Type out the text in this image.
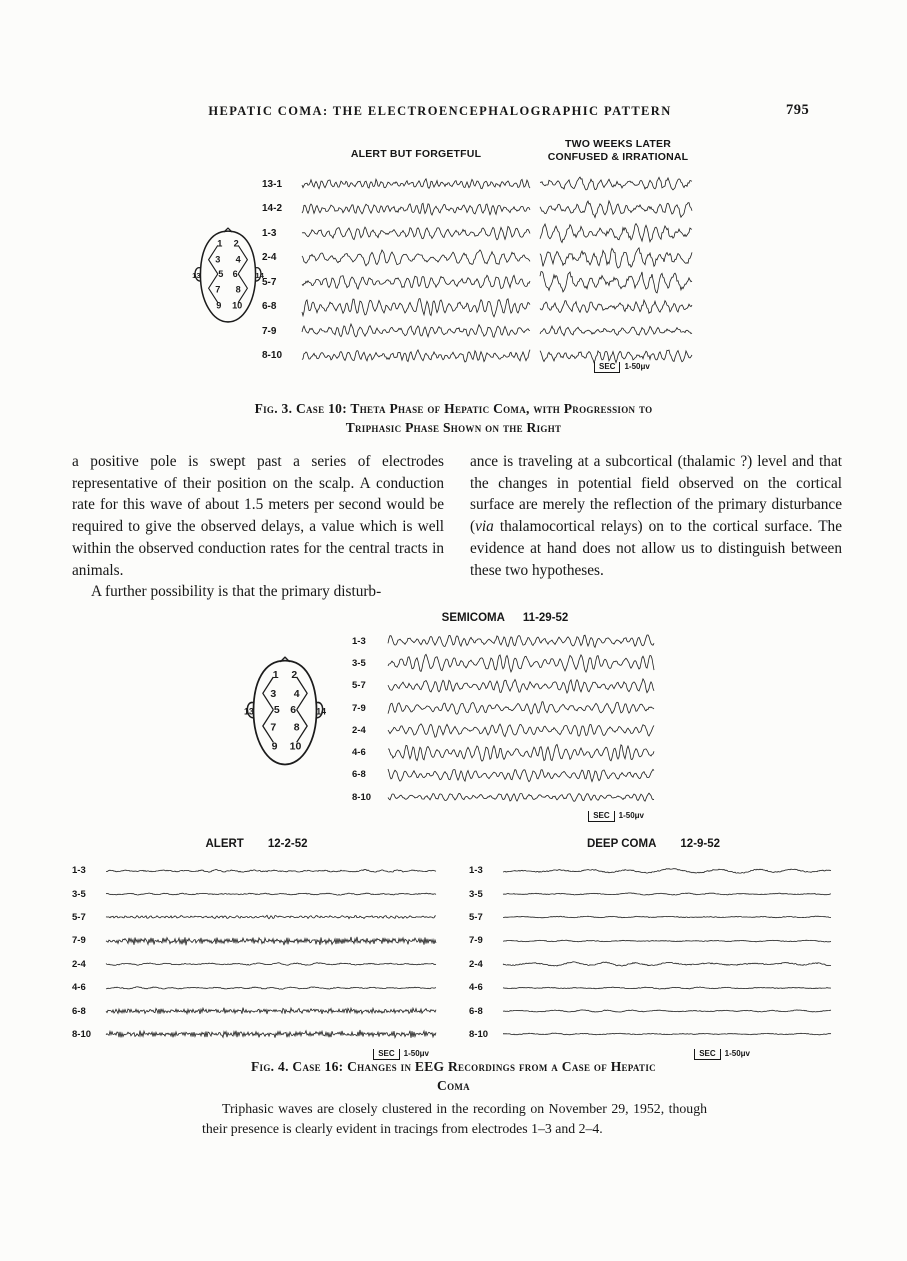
HEPATIC COMA: THE ELECTROENCEPHALOGRAPHIC PATTERN	795
ALERT BUT FORGETFUL
TWO WEEKS LATER
CONFUSED & IRRATIONAL
13-1
14-2
1-3
2-4
5-7
6-8
7-9
8-10
SEC 1-50μv
1 2
3 4
5 6
7 8
9 10
13	14
Fig. 3. Case 10: Theta Phase of Hepatic Coma, with Progression to
Triphasic Phase Shown on the Right

a positive pole is swept past a series of electrodes representative of their position on the scalp. A conduction rate for this wave of about 1.5 meters per second would be required to give the observed delays, a value which is well within the observed conduction rates for the central tracts in animals.

A further possibility is that the primary disturb-

ance is traveling at a subcortical (thalamic ?) level and that the changes in potential field observed on the cortical surface are merely the reflection of the primary disturbance (via thalamocortical relays) on to the cortical surface. The evidence at hand does not allow us to distinguish between these two hypotheses.

SEMICOMA 11-29-52
1-3
3-5
5-7
7-9
2-4
4-6
6-8
8-10
SEC 1-50μv
1 2
3 4
5 6
7 8
9 10
13	14
ALERT 12-2-52
1-3
3-5
5-7
7-9
2-4
4-6
6-8
8-10
SEC 1-50μv
DEEP COMA 12-9-52
1-3
3-5
5-7
7-9
2-4
4-6
6-8
8-10
SEC 1-50μv
Fig. 4. Case 16: Changes in EEG Recordings from a Case of Hepatic
Coma
Triphasic waves are closely clustered in the recording on November 29, 1952, though their presence is clearly evident in tracings from electrodes 1–3 and 2–4.
